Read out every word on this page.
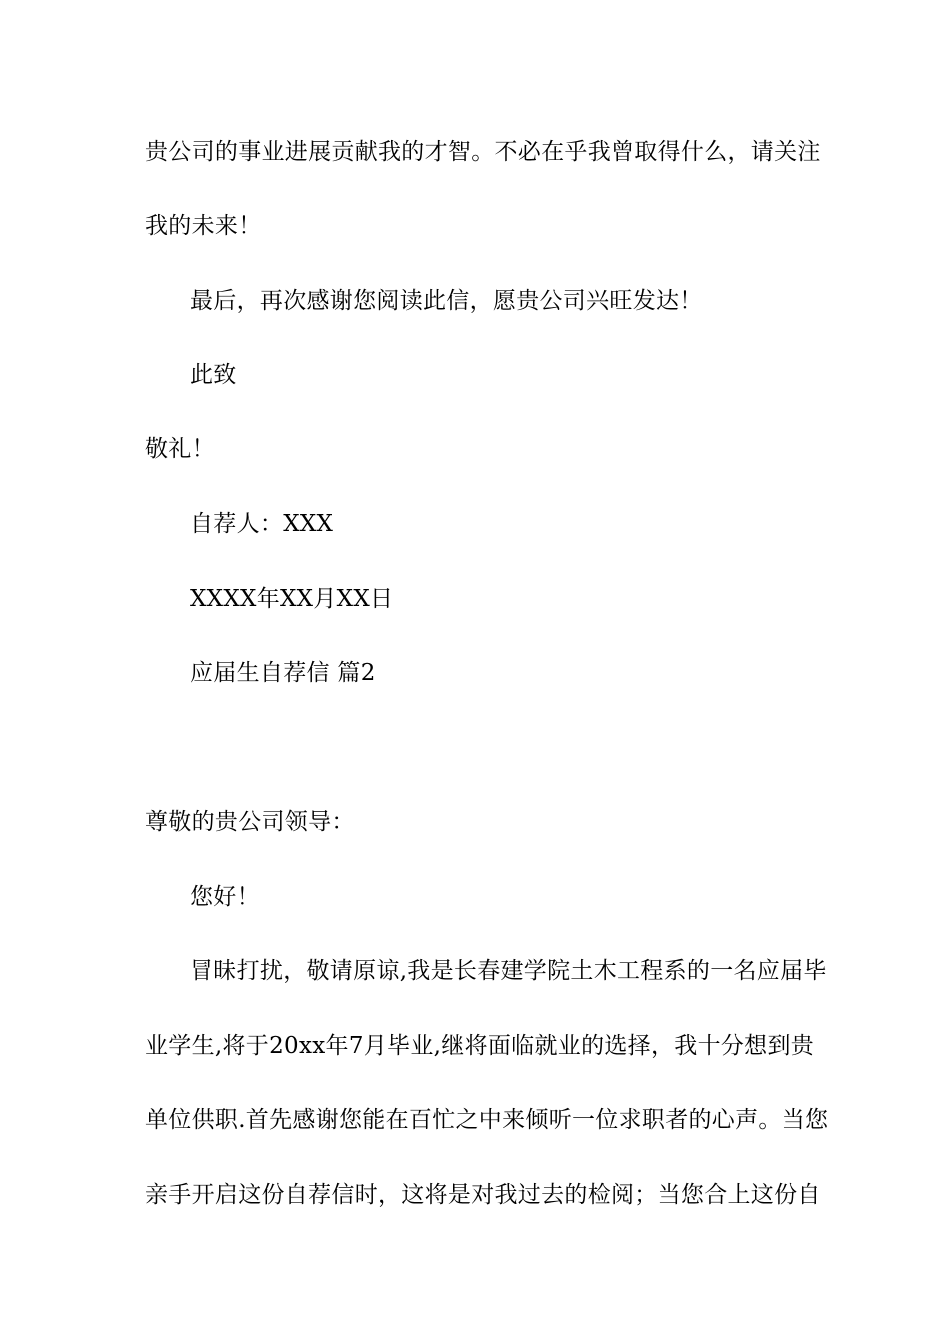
贵公司的事业进展贡献我的才智。不必在乎我曾取得什么，请关注
我的未来！
最后，再次感谢您阅读此信，愿贵公司兴旺发达！
此致
敬礼！
自荐人：XXX
XXXX年XX月XX日
应届生自荐信 篇2
尊敬的贵公司领导：
您好！
冒昧打扰，敬请原谅,我是长春建学院土木工程系的一名应届毕
业学生,将于20xx年7月毕业,继将面临就业的选择，我十分想到贵
单位供职.首先感谢您能在百忙之中来倾听一位求职者的心声。当您
亲手开启这份自荐信时，这将是对我过去的检阅；当您合上这份自
